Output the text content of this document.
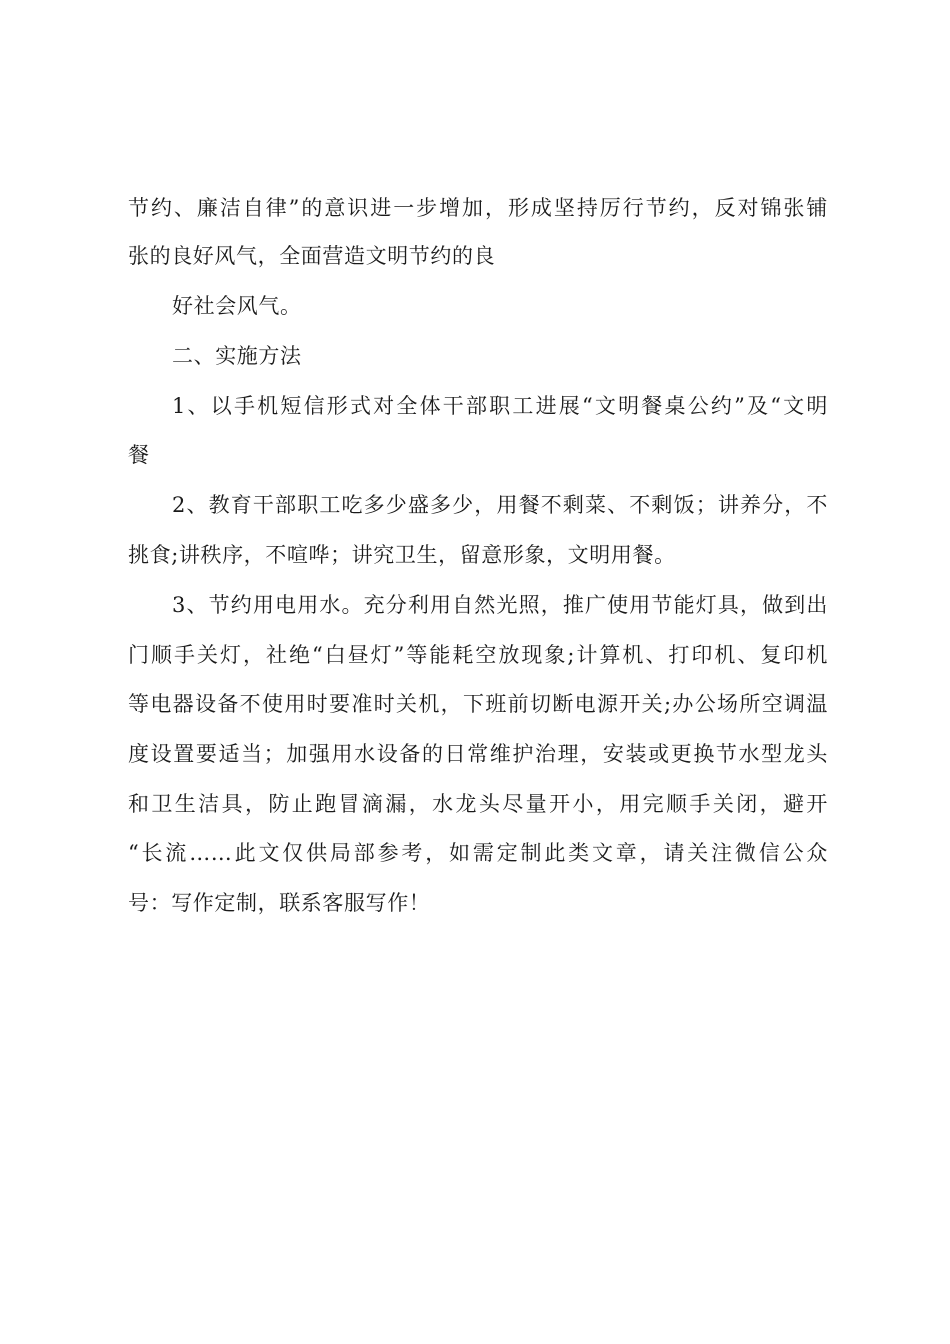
节约、廉洁自律”的意识进一步增加，形成坚持厉行节约，反对锦张铺
张的良好风气，全面营造文明节约的良
好社会风气。
二、实施方法
1、以手机短信形式对全体干部职工进展“文明餐桌公约”及“文明
餐
2、教育干部职工吃多少盛多少，用餐不剩菜、不剩饭；讲养分，不
挑食;讲秩序，不喧哗；讲究卫生，留意形象，文明用餐。
3、节约用电用水。充分利用自然光照，推广使用节能灯具，做到出
门顺手关灯，社绝“白昼灯”等能耗空放现象;计算机、打印机、复印机
等电器设备不使用时要准时关机，下班前切断电源开关;办公场所空调温
度设置要适当；加强用水设备的日常维护治理，安装或更换节水型龙头
和卫生洁具，防止跑冒滴漏，水龙头尽量开小，用完顺手关闭，避开
“长流……此文仅供局部参考，如需定制此类文章，请关注微信公众
号：写作定制，联系客服写作！
